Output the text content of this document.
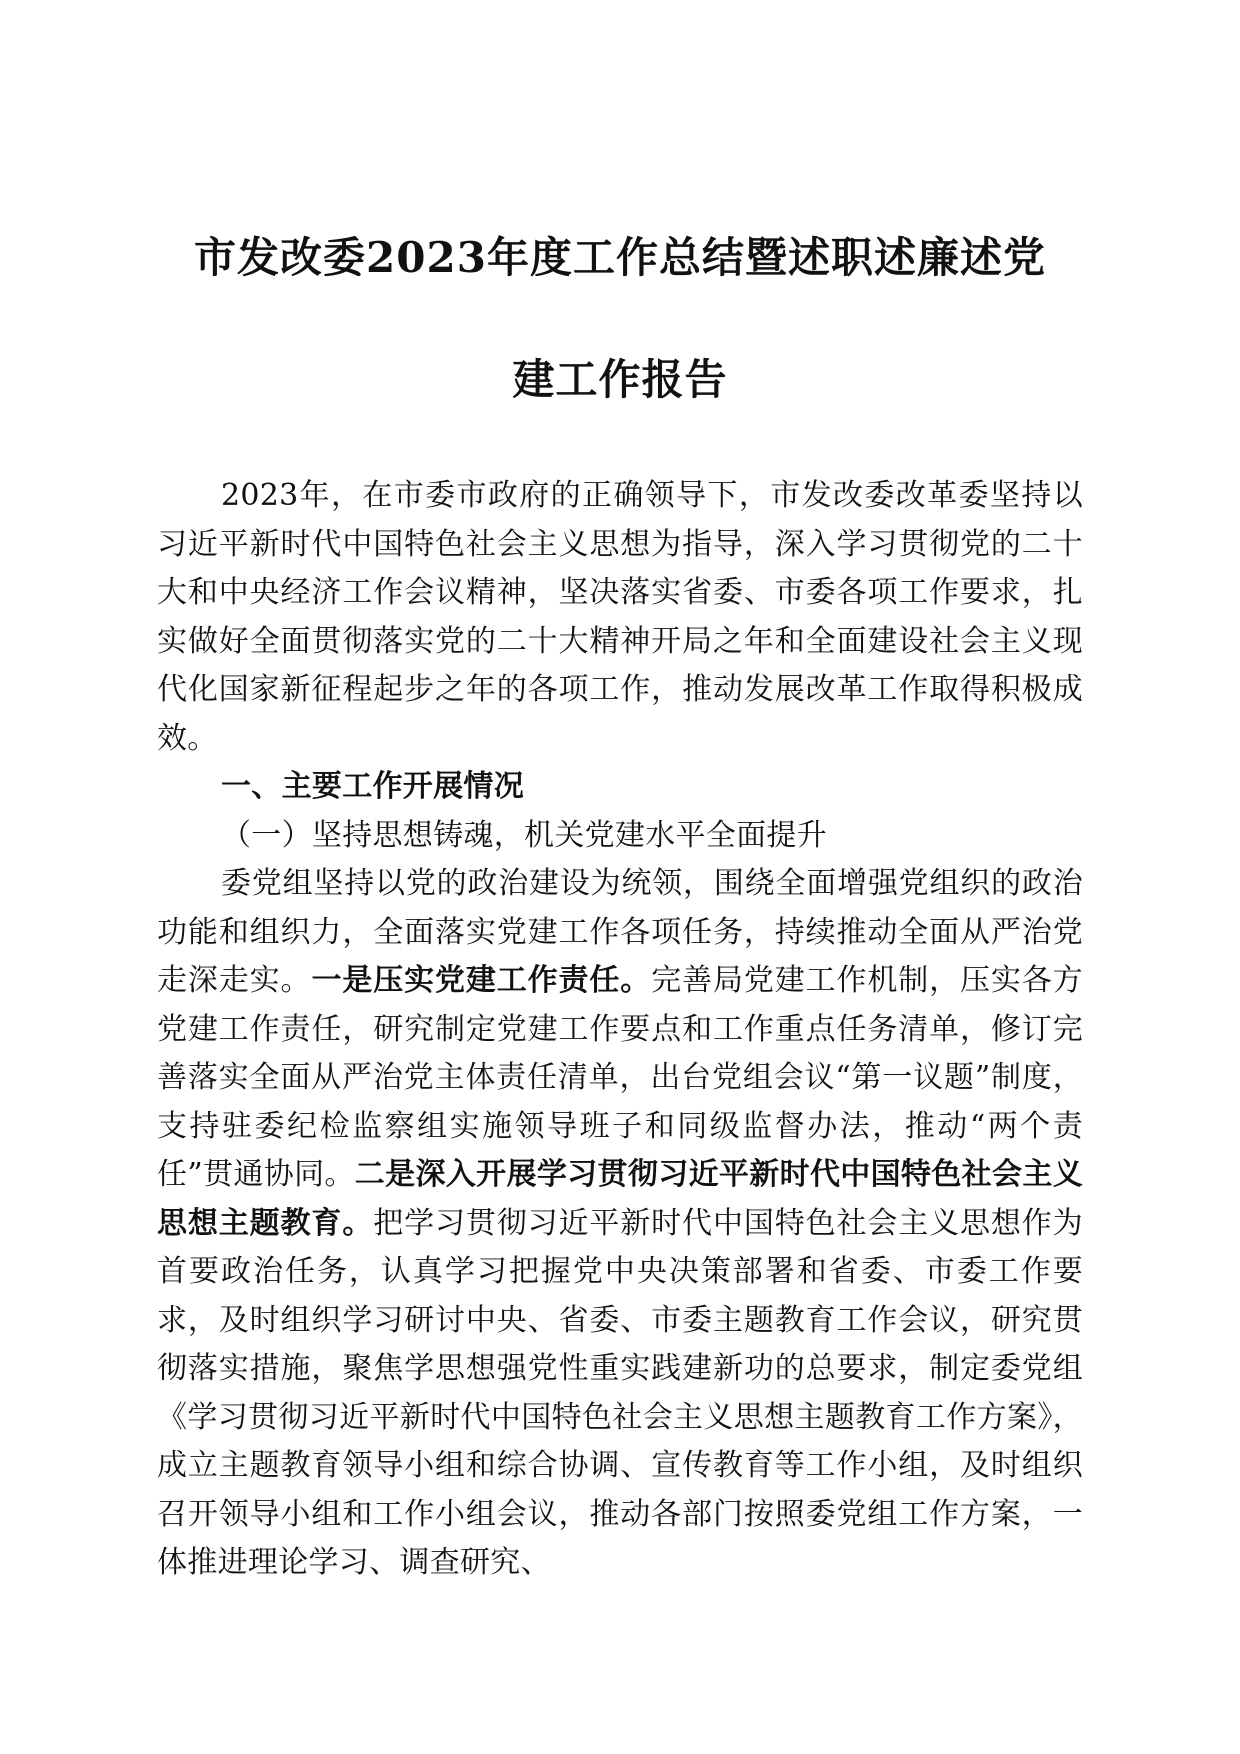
市发改委2023年度工作总结暨述职述廉述党
建工作报告

2023年，在市委市政府的正确领导下，市发改委改革委坚持以习近平新时代中国特色社会主义思想为指导，深入学习贯彻党的二十大和中央经济工作会议精神，坚决落实省委、市委各项工作要求，扎实做好全面贯彻落实党的二十大精神开局之年和全面建设社会主义现代化国家新征程起步之年的各项工作，推动发展改革工作取得积极成效。

一、主要工作开展情况

（一）坚持思想铸魂，机关党建水平全面提升

委党组坚持以党的政治建设为统领，围绕全面增强党组织的政治功能和组织力，全面落实党建工作各项任务，持续推动全面从严治党走深走实。一是压实党建工作责任。完善局党建工作机制，压实各方党建工作责任，研究制定党建工作要点和工作重点任务清单，修订完善落实全面从严治党主体责任清单，出台党组会议“第一议题”制度，支持驻委纪检监察组实施领导班子和同级监督办法，推动“两个责任”贯通协同。二是深入开展学习贯彻习近平新时代中国特色社会主义思想主题教育。把学习贯彻习近平新时代中国特色社会主义思想作为首要政治任务，认真学习把握党中央决策部署和省委、市委工作要求，及时组织学习研讨中央、省委、市委主题教育工作会议，研究贯彻落实措施，聚焦学思想强党性重实践建新功的总要求，制定委党组《学习贯彻习近平新时代中国特色社会主义思想主题教育工作方案》，成立主题教育领导小组和综合协调、宣传教育等工作小组，及时组织召开领导小组和工作小组会议，推动各部门按照委党组工作方案，一体推进理论学习、调查研究、
